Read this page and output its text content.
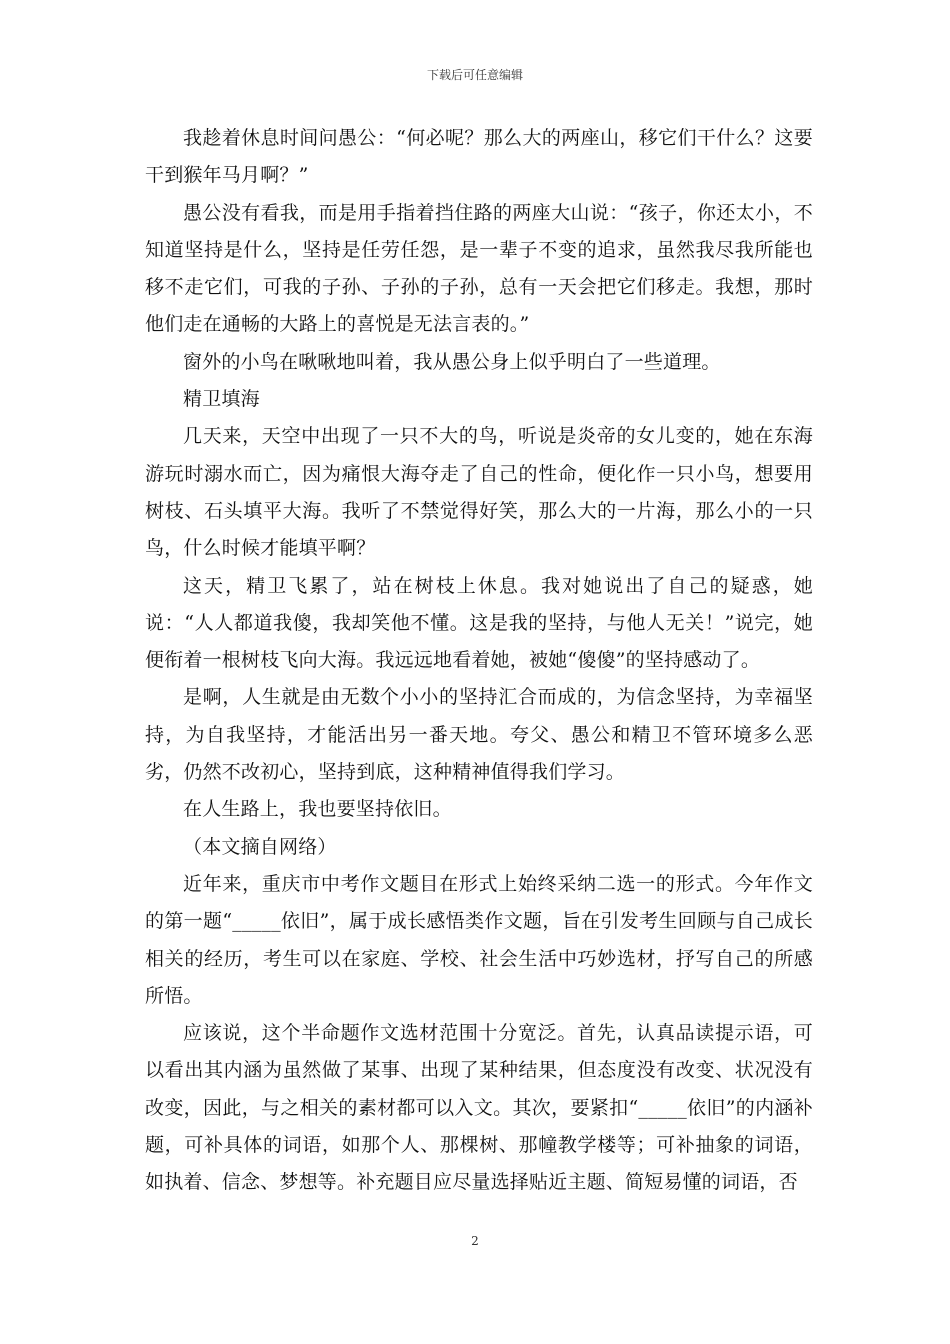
下载后可任意编辑

我趁着休息时间问愚公：“何必呢？那么大的两座山，移它们干什么？这要干到猴年马月啊？”

愚公没有看我，而是用手指着挡住路的两座大山说：“孩子，你还太小，不知道坚持是什么，坚持是任劳任怨，是一辈子不变的追求，虽然我尽我所能也移不走它们，可我的子孙、子孙的子孙，总有一天会把它们移走。我想，那时他们走在通畅的大路上的喜悦是无法言表的。”

窗外的小鸟在啾啾地叫着，我从愚公身上似乎明白了一些道理。

精卫填海

几天来，天空中出现了一只不大的鸟，听说是炎帝的女儿变的，她在东海游玩时溺水而亡，因为痛恨大海夺走了自己的性命，便化作一只小鸟，想要用树枝、石头填平大海。我听了不禁觉得好笑，那么大的一片海，那么小的一只鸟，什么时候才能填平啊？

这天，精卫飞累了，站在树枝上休息。我对她说出了自己的疑惑，她说：“人人都道我傻，我却笑他不懂。这是我的坚持，与他人无关！”说完，她便衔着一根树枝飞向大海。我远远地看着她，被她“傻傻”的坚持感动了。

是啊，人生就是由无数个小小的坚持汇合而成的，为信念坚持，为幸福坚持，为自我坚持，才能活出另一番天地。夸父、愚公和精卫不管环境多么恶劣，仍然不改初心，坚持到底，这种精神值得我们学习。

在人生路上，我也要坚持依旧。

（本文摘自网络）

近年来，重庆市中考作文题目在形式上始终采纳二选一的形式。今年作文的第一题“_____依旧”，属于成长感悟类作文题，旨在引发考生回顾与自己成长相关的经历，考生可以在家庭、学校、社会生活中巧妙选材，抒写自己的所感所悟。

应该说，这个半命题作文选材范围十分宽泛。首先，认真品读提示语，可以看出其内涵为虽然做了某事、出现了某种结果，但态度没有改变、状况没有改变，因此，与之相关的素材都可以入文。其次，要紧扣“_____依旧”的内涵补题，可补具体的词语，如那个人、那棵树、那幢教学楼等；可补抽象的词语，如执着、信念、梦想等。补充题目应尽量选择贴近主题、简短易懂的词语，否

2
